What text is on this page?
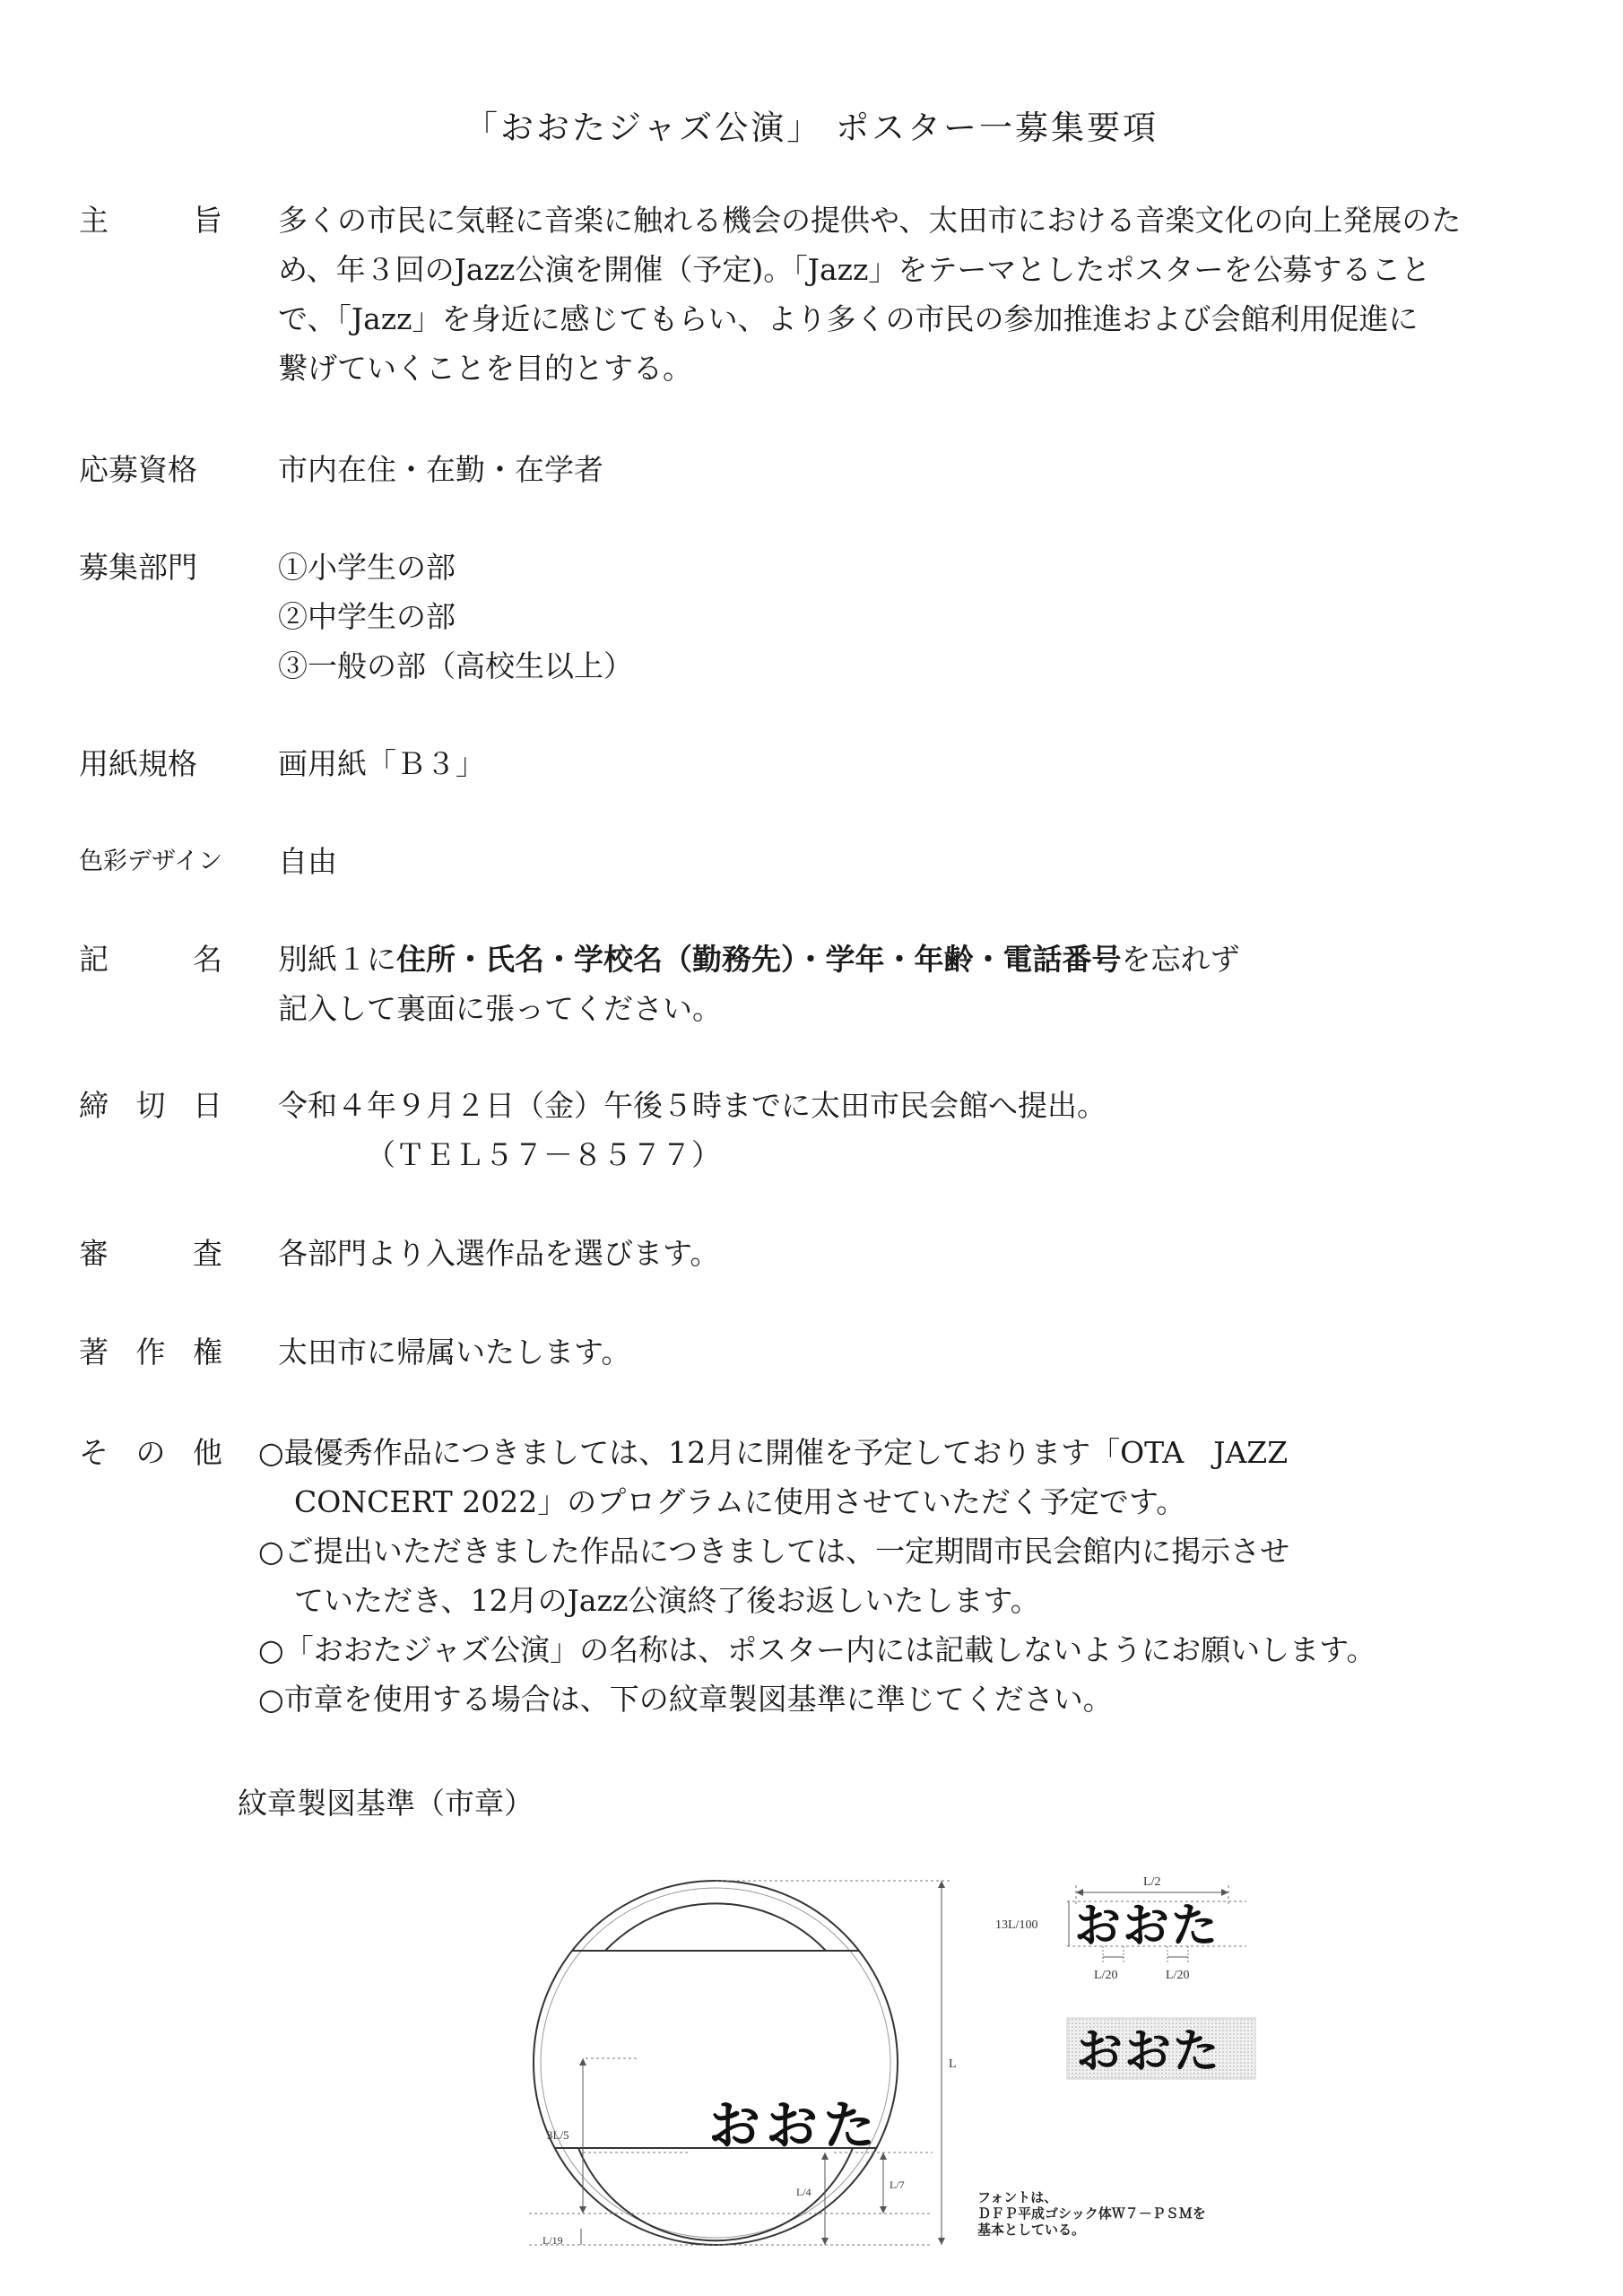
「おおたジャズ公演」 ポスター一募集要項
主	旨 多くの市民に気軽に音楽に触れる機会の提供や、太田市における音楽文化の向上発展のた
め、年３回のJazz公演を開催（予定)。「Jazz」をテーマとしたポスターを公募すること
で、「Jazz」を身近に感じてもらい、より多くの市民の参加推進および会館利用促進に
繋げていくことを目的とする。
応募資格	市内在住・在勤・在学者
募集部門	①小学生の部
②中学生の部
③一般の部（高校生以上）
用紙規格	画用紙「Ｂ３」
色彩デザイン 自由
記	名 別紙１に住所・氏名・学校名（勤務先）・学年・年齢・電話番号を忘れず
記入して裏面に張ってください。
締 切 日 令和４年９月２日（金）午後５時までに太田市民会館へ提出。
（ＴＥＬ５７－８５７７）
審	査 各部門より入選作品を選びます。
著 作 権 太田市に帰属いたします。
そ の 他 ○最優秀作品につきましては、12月に開催を予定しております「OTA　JAZZ
CONCERT 2022」のプログラムに使用させていただく予定です。
○ご提出いただきました作品につきましては、一定期間市民会館内に掲示させ
ていただき、12月のJazz公演終了後お返しいたします。
○「おおたジャズ公演」の名称は、ポスター内には記載しないようにお願いします。
○市章を使用する場合は、下の紋章製図基準に準じてください。
紋章製図基準（市章）
L
3L/5
L/4
L/7
L/19
おおた
L/2
13L/100 おおた
L/20	L/20
おおた
フォントは、
ＤＦＰ平成ゴシック体Ｗ７－ＰＳＭを
基本としている。
